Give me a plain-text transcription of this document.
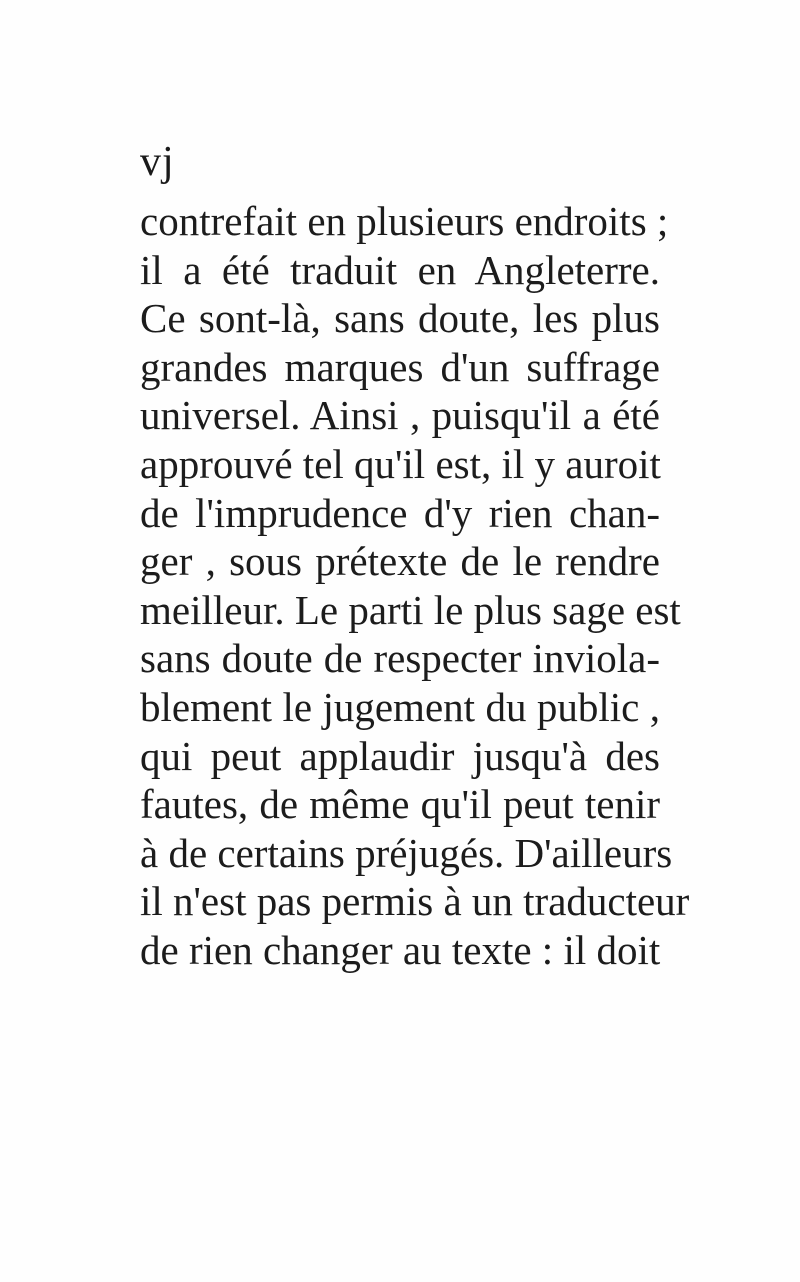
vj
contrefait en plusieurs endroits ;
il a été traduit en Angleterre.
Ce sont-là, sans doute, les plus
grandes marques d'un suffrage
universel. Ainsi , puisqu'il a été
approuvé tel qu'il est, il y auroit
de l'imprudence d'y rien chan-
ger , sous prétexte de le rendre
meilleur. Le parti le plus sage est
sans doute de respecter inviola-
blement le jugement du public ,
qui peut applaudir jusqu'à des
fautes, de même qu'il peut tenir
à de certains préjugés. D'ailleurs
il n'est pas permis à un traducteur
de rien changer au texte : il doit
